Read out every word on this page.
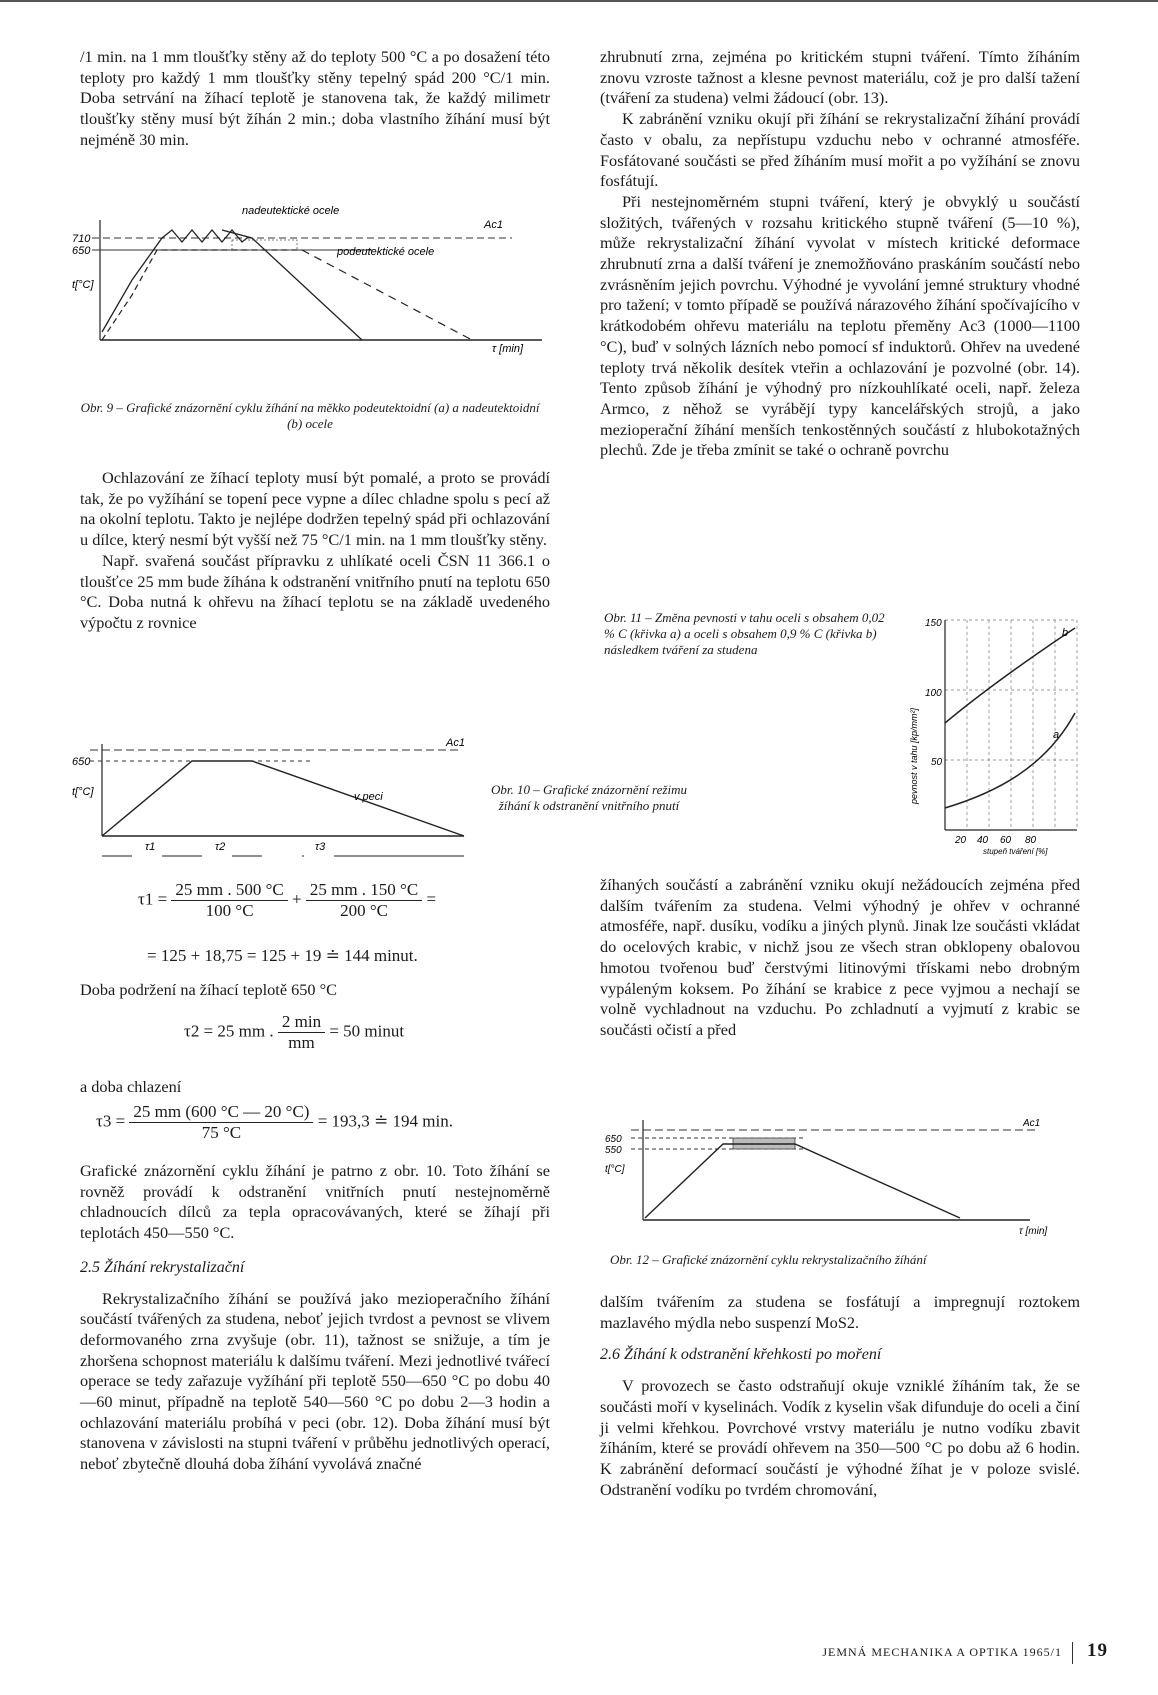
/1 min. na 1 mm tloušťky stěny až do teploty 500 °C a po dosažení této teploty pro každý 1 mm tloušťky stěny tepelný spád 200 °C/1 min. Doba setrvání na žíhací teplotě je stanovena tak, že každý milimetr tloušťky stěny musí být žíhán 2 min.; doba vlastního žíhání musí být nejméně 30 min.

710
650
t[°C]
nadeutektické ocele
podeutektické ocele
Ac1
τ [min]
Obr. 9 – Grafické znázornění cyklu žíhání na měkko podeutektoidní (a) a nadeutektoidní (b) ocele

Ochlazování ze žíhací teploty musí být pomalé, a proto se provádí tak, že po vyžíhání se topení pece vypne a dílec chladne spolu s pecí až na okolní teplotu. Takto je nejlépe dodržen tepelný spád při ochlazování u dílce, který nesmí být vyšší než 75 °C/1 min. na 1 mm tloušťky stěny.

Např. svařená součást přípravku z uhlíkaté oceli ČSN 11 366.1 o tloušťce 25 mm bude žíhána k odstranění vnitřního pnutí na teplotu 650 °C. Doba nutná k ohřevu na žíhací teplotu se na základě uvedeného výpočtu z rovnice

650
t[°C]
Ac1
v peci
τ1	τ2	τ3
Obr. 10 – Grafické znázornění režimu žíhání k odstranění vnitřního pnutí
$\tau 1 = \frac{25 mm . 500 ^\circ C}{100 ^\circ C} + \frac{25 mm . 150 ^\circ C}{200 ^\circ C}$ =
= 125 + 18,75 = 125 + 19 ≐ 144 minut.
Doba podržení na žíhací teplotě 650 °C
τ2 = 25 mm . $\frac{2 \min}{mm} = 50$ minut
a doba chlazení
$\tau 3 = \frac{25 mm (600 ^\circ C — 20 ^\circ C)}{75 ^\circ C} = 193,3$ ≐ 194 min.

Grafické znázornění cyklu žíhání je patrno z obr. 10. Toto žíhání se rovněž provádí k odstranění vnitřních pnutí nestejnoměrně chladnoucích dílců za tepla opracovávaných, které se žíhají při teplotách 450—550 °C.

2.5 Žíhání rekrystalizační

Rekrystalizačního žíhání se používá jako mezioperačního žíhání součástí tvářených za studena, neboť jejich tvrdost a pevnost se vlivem deformovaného zrna zvyšuje (obr. 11), tažnost se snižuje, a tím je zhoršena schopnost materiálu k dalšímu tváření. Mezi jednotlivé tvářecí operace se tedy zařazuje vyžíhání při teplotě 550—650 °C po dobu 40—60 minut, případně na teplotě 540—560 °C po dobu 2—3 hodin a ochlazování materiálu probíhá v peci (obr. 12). Doba žíhání musí být stanovena v závislosti na stupni tváření v průběhu jednotlivých operací, neboť zbytečně dlouhá doba žíhání vyvolává značné

zhrubnutí zrna, zejména po kritickém stupni tváření. Tímto žíháním znovu vzroste tažnost a klesne pevnost materiálu, což je pro další tažení (tváření za studena) velmi žádoucí (obr. 13).

K zabránění vzniku okují při žíhání se rekrystalizační žíhání provádí často v obalu, za nepřístupu vzduchu nebo v ochranné atmosféře. Fosfátované součásti se před žíháním musí mořit a po vyžíhání se znovu fosfátují.

Při nestejnoměrném stupni tváření, který je obvyklý u součástí složitých, tvářených v rozsahu kritického stupně tváření (5—10 %), může rekrystalizační žíhání vyvolat v místech kritické deformace zhrubnutí zrna a další tváření je znemožňováno praskáním součástí nebo zvrásněním jejich povrchu. Výhodné je vyvolání jemné struktury vhodné pro tažení; v tomto případě se používá nárazového žíhání spočívajícího v krátkodobém ohřevu materiálu na teplotu přeměny Ac3 (1000—1100 °C), buď v solných lázních nebo pomocí sf induktorů. Ohřev na uvedené teploty trvá několik desítek vteřin a ochlazování je pozvolné (obr. 14). Tento způsob žíhání je výhodný pro nízkouhlíkaté oceli, např. železa Armco, z něhož se vyrábějí typy kancelářských strojů, a jako mezioperační žíhání menších tenkostěnných součástí z hlubokotažných plechů. Zde je třeba zmínit se také o ochraně povrchu

Obr. 11 – Změna pevnosti v tahu oceli s obsahem 0,02 % C (křivka a) a oceli s obsahem 0,9 % C (křivka b) následkem tváření za studena
150
100
50
pevnost v tahu [kp/mm²]
20 40 60 80
stupeň tváření [%]
b
a

žíhaných součástí a zabránění vzniku okují nežádoucích zejména před dalším tvářením za studena. Velmi výhodný je ohřev v ochranné atmosféře, např. dusíku, vodíku a jiných plynů. Jinak lze součásti vkládat do ocelových krabic, v nichž jsou ze všech stran obklopeny obalovou hmotou tvořenou buď čerstvými litinovými třískami nebo drobným vypáleným koksem. Po žíhání se krabice z pece vyjmou a nechají se volně vychladnout na vzduchu. Po zchladnutí a vyjmutí z krabic se součásti očistí a před

650
550
t[°C]
Ac1
τ [min]
Obr. 12 – Grafické znázornění cyklu rekrystalizačního žíhání

dalším tvářením za studena se fosfátují a impregnují roztokem mazlavého mýdla nebo suspenzí MoS2.

2.6 Žíhání k odstranění křehkosti po moření

V provozech se často odstraňují okuje vzniklé žíháním tak, že se součásti moří v kyselinách. Vodík z kyselin však difunduje do oceli a činí ji velmi křehkou. Povrchové vrstvy materiálu je nutno vodíku zbavit žíháním, které se provádí ohřevem na 350—500 °C po dobu až 6 hodin. K zabránění deformací součástí je výhodné žíhat je v poloze svislé. Odstranění vodíku po tvrdém chromování,

JEMNÁ MECHANIKA A OPTIKA 1965/1 19
